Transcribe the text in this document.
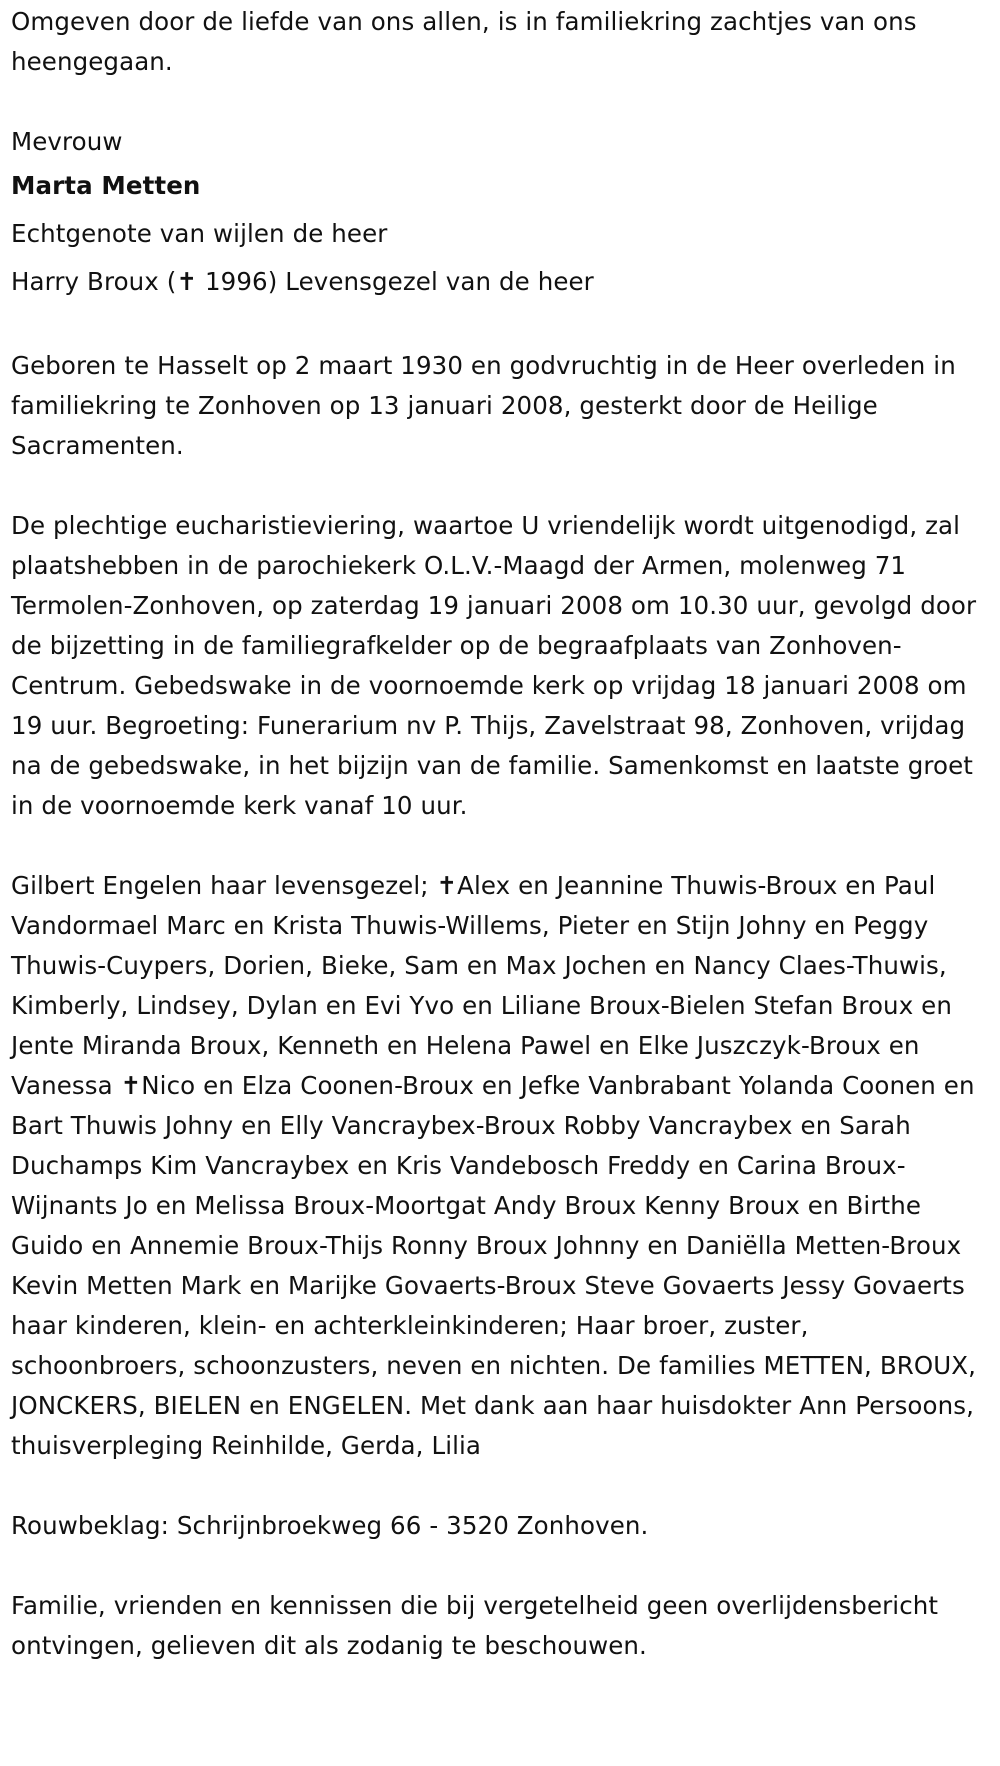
Omgeven door de liefde van ons allen, is in familiekring zachtjes van ons heengegaan.

Mevrouw

Marta Metten

Echtgenote van wijlen de heer

Harry Broux (✝ 1996) Levensgezel van de heer

Geboren te Hasselt op 2 maart 1930 en godvruchtig in de Heer overleden in familiekring te Zonhoven op 13 januari 2008, gesterkt door de Heilige Sacramenten.

De plechtige eucharistieviering, waartoe U vriendelijk wordt uitgenodigd, zal plaatshebben in de parochiekerk O.L.V.-Maagd der Armen, molenweg 71 Termolen-Zonhoven, op zaterdag 19 januari 2008 om 10.30 uur, gevolgd door de bijzetting in de familiegrafkelder op de begraafplaats van Zonhoven-Centrum. Gebedswake in de voornoemde kerk op vrijdag 18 januari 2008 om 19 uur. Begroeting: Funerarium nv P. Thijs, Zavelstraat 98, Zonhoven, vrijdag na de gebedswake, in het bijzijn van de familie. Samenkomst en laatste groet in de voornoemde kerk vanaf 10 uur.

Gilbert Engelen haar levensgezel; ✝Alex en Jeannine Thuwis-Broux en Paul Vandormael Marc en Krista Thuwis-Willems, Pieter en Stijn Johny en Peggy Thuwis-Cuypers, Dorien, Bieke, Sam en Max Jochen en Nancy Claes-Thuwis, Kimberly, Lindsey, Dylan en Evi Yvo en Liliane Broux-Bielen Stefan Broux en Jente Miranda Broux, Kenneth en Helena Pawel en Elke Juszczyk-Broux en Vanessa ✝Nico en Elza Coonen-Broux en Jefke Vanbrabant Yolanda Coonen en Bart Thuwis Johny en Elly Vancraybex-Broux Robby Vancraybex en Sarah Duchamps Kim Vancraybex en Kris Vandebosch Freddy en Carina Broux-Wijnants Jo en Melissa Broux-Moortgat Andy Broux Kenny Broux en Birthe Guido en Annemie Broux-Thijs Ronny Broux Johnny en Daniëlla Metten-Broux Kevin Metten Mark en Marijke Govaerts-Broux Steve Govaerts Jessy Govaerts haar kinderen, klein- en achterkleinkinderen; Haar broer, zuster, schoonbroers, schoonzusters, neven en nichten. De families METTEN, BROUX, JONCKERS, BIELEN en ENGELEN. Met dank aan haar huisdokter Ann Persoons, thuisverpleging Reinhilde, Gerda, Lilia

Rouwbeklag: Schrijnbroekweg 66 - 3520 Zonhoven.

Familie, vrienden en kennissen die bij vergetelheid geen overlijdensbericht ontvingen, gelieven dit als zodanig te beschouwen.
